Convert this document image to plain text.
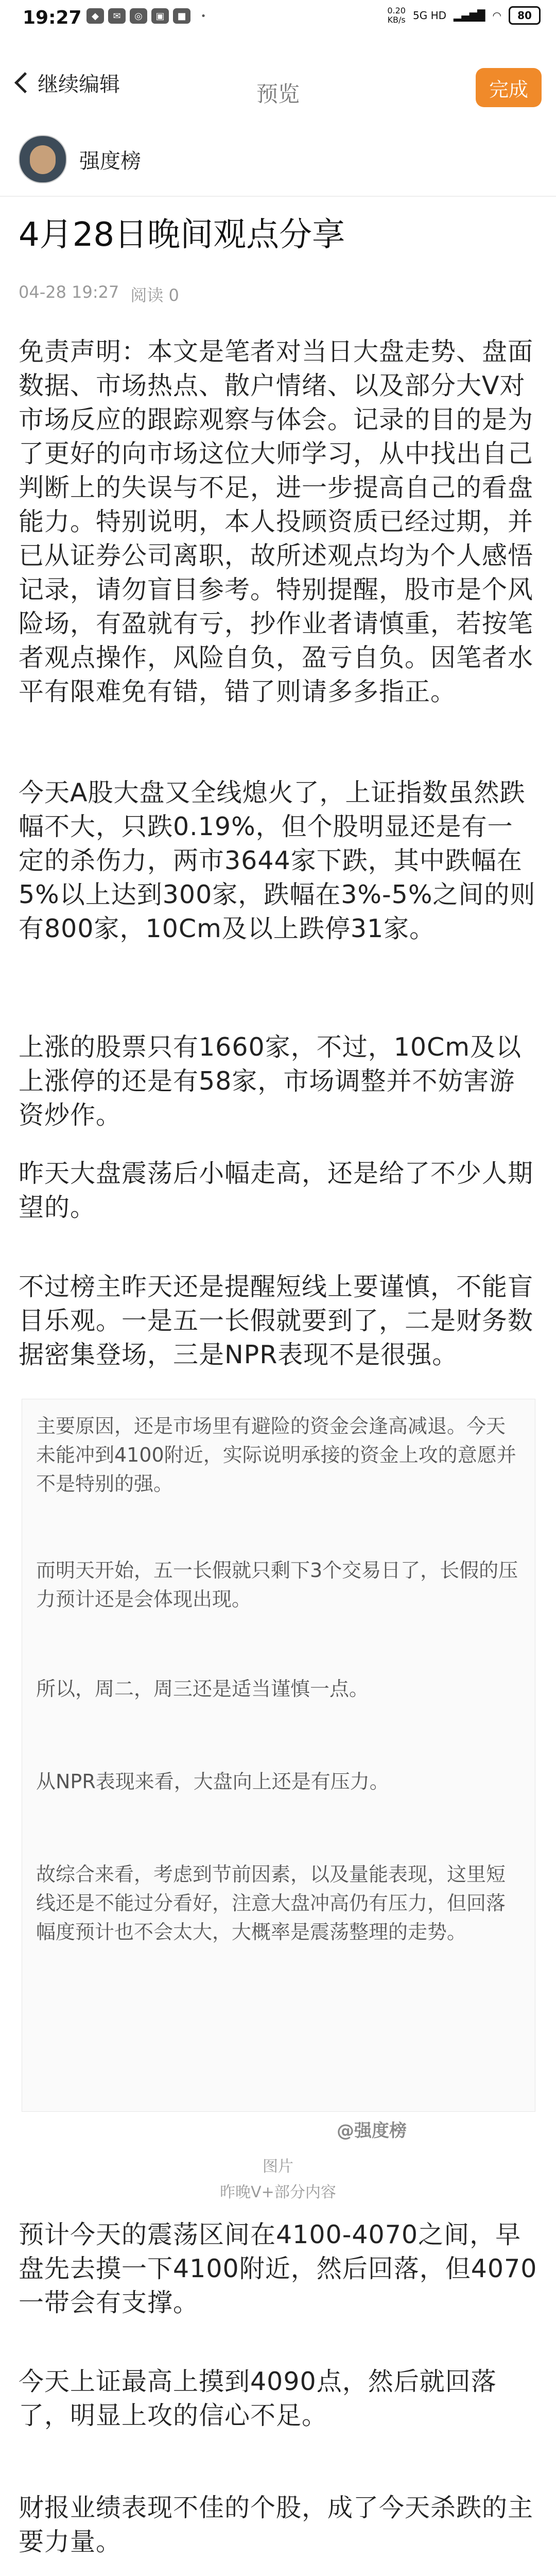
19:27	◆	✉	◎	▣	■	•	0.20
KB/s 5G HD ▂▄▆█ ◠ 80
继续编辑	预览	完成
强度榜
4月28日晚间观点分享
04-28 19:27 阅读 0
免责声明：本文是笔者对当日大盘走势、盘面数据、市场热点、散户情绪、以及部分大V对市场反应的跟踪观察与体会。记录的目的是为了更好的向市场这位大师学习，从中找出自己判断上的失误与不足，进一步提高自己的看盘能力。特别说明，本人投顾资质已经过期，并已从证券公司离职，故所述观点均为个人感悟记录，请勿盲目参考。特别提醒，股市是个风险场，有盈就有亏，抄作业者请慎重，若按笔者观点操作，风险自负，盈亏自负。因笔者水平有限难免有错，错了则请多多指正。
今天A股大盘又全线熄火了，上证指数虽然跌幅不大，只跌0.19%，但个股明显还是有一定的杀伤力，两市3644家下跌，其中跌幅在5%以上达到300家，跌幅在3%-5%之间的则有800家，10Cm及以上跌停31家。
上涨的股票只有1660家，不过，10Cm及以上涨停的还是有58家，市场调整并不妨害游资炒作。
昨天大盘震荡后小幅走高，还是给了不少人期望的。
不过榜主昨天还是提醒短线上要谨慎，不能盲目乐观。一是五一长假就要到了，二是财务数据密集登场，三是NPR表现不是很强。
主要原因，还是市场里有避险的资金会逢高减退。今天未能冲到4100附近，实际说明承接的资金上攻的意愿并不是特别的强。
而明天开始，五一长假就只剩下3个交易日了，长假的压力预计还是会体现出现。
所以，周二，周三还是适当谨慎一点。
从NPR表现来看，大盘向上还是有压力。
故综合来看，考虑到节前因素，以及量能表现，这里短线还是不能过分看好，注意大盘冲高仍有压力，但回落幅度预计也不会太大，大概率是震荡整理的走势。
@强度榜
图片
昨晚V+部分内容
预计今天的震荡区间在4100-4070之间，早盘先去摸一下4100附近，然后回落，但4070一带会有支撑。
今天上证最高上摸到4090点，然后就回落了，明显上攻的信心不足。
财报业绩表现不佳的个股，成了今天杀跌的主要力量。
